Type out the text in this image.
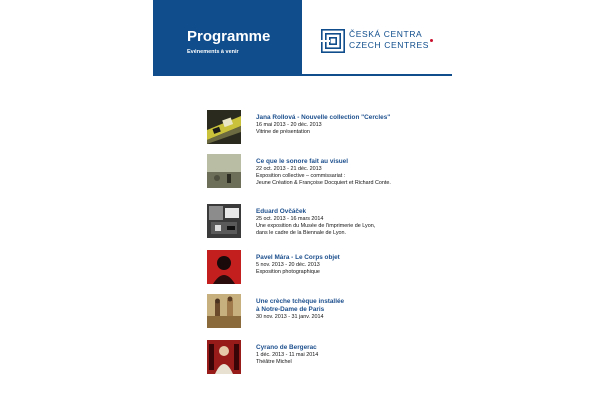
Programme
Evénements à venir
ČESKÁ CENTRA
CZECH CENTRES

Jana Rollová - Nouvelle collection "Cercles"

16 mai 2013 - 20 déc. 2013

Vitrine de présentation

Ce que le sonore fait au visuel

22 oct. 2013 - 21 déc. 2013

Exposition collective – commissariat :

Jeune Création & Françoise Docquiert et Richard Conte.

Eduard Ovčáček

25 oct. 2013 - 16 mars 2014

Une exposition du Musée de l'imprimerie de Lyon,

dans le cadre de la Biennale de Lyon.

Pavel Mára - Le Corps objet

5 nov. 2013 - 20 déc. 2013

Exposition photographique

Une crèche tchèque installée

à Notre-Dame de Paris

30 nov. 2013 - 31 janv. 2014

Cyrano de Bergerac

1 déc. 2013 - 11 mai 2014

Théâtre Michel
